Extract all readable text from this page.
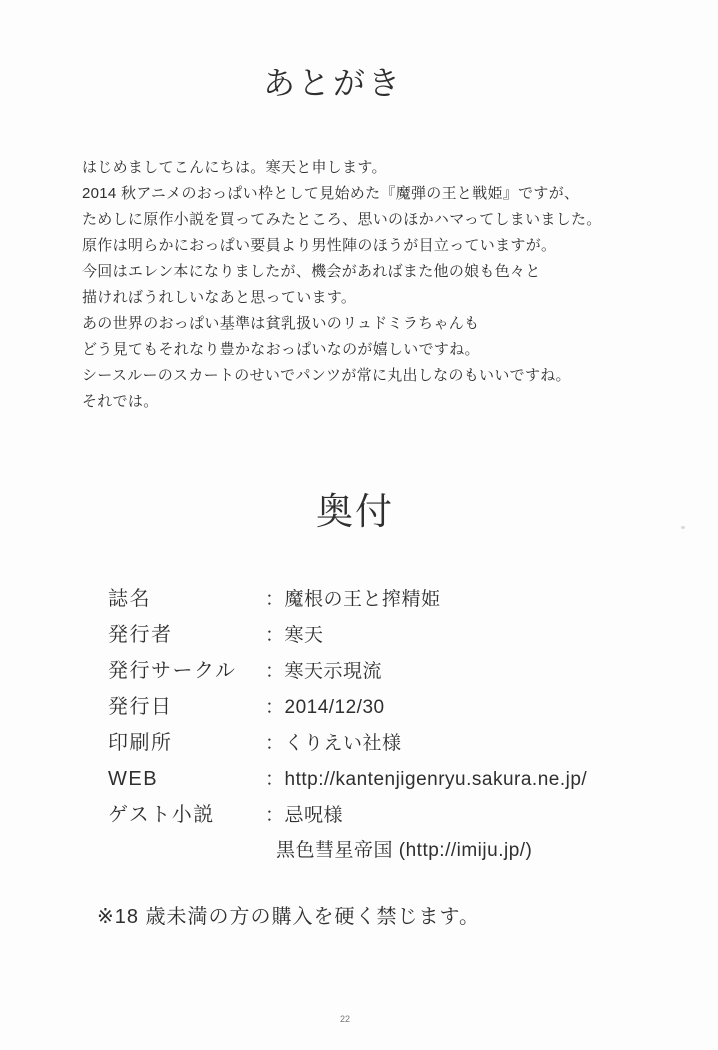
あとがき
はじめましてこんにちは。寒天と申します。
2014 秋アニメのおっぱい枠として見始めた『魔弾の王と戦姫』ですが、
ためしに原作小説を買ってみたところ、思いのほかハマってしまいました。
原作は明らかにおっぱい要員より男性陣のほうが目立っていますが。
今回はエレン本になりましたが、機会があればまた他の娘も色々と
描ければうれしいなあと思っています。
あの世界のおっぱい基準は貧乳扱いのリュドミラちゃんも
どう見てもそれなり豊かなおっぱいなのが嬉しいですね。
シースルーのスカートのせいでパンツが常に丸出しなのもいいですね。
それでは。
奥付
誌名	：魔根の王と搾精姫
発行者	：寒天
発行サークル	：寒天示現流
発行日	：2014/12/30
印刷所	：くりえい社様
WEB	：http://kantenjigenryu.sakura.ne.jp/
ゲスト小説	：忌呪様
黒色彗星帝国 (http://imiju.jp/)
※18 歳未満の方の購入を硬く禁じます。
22
